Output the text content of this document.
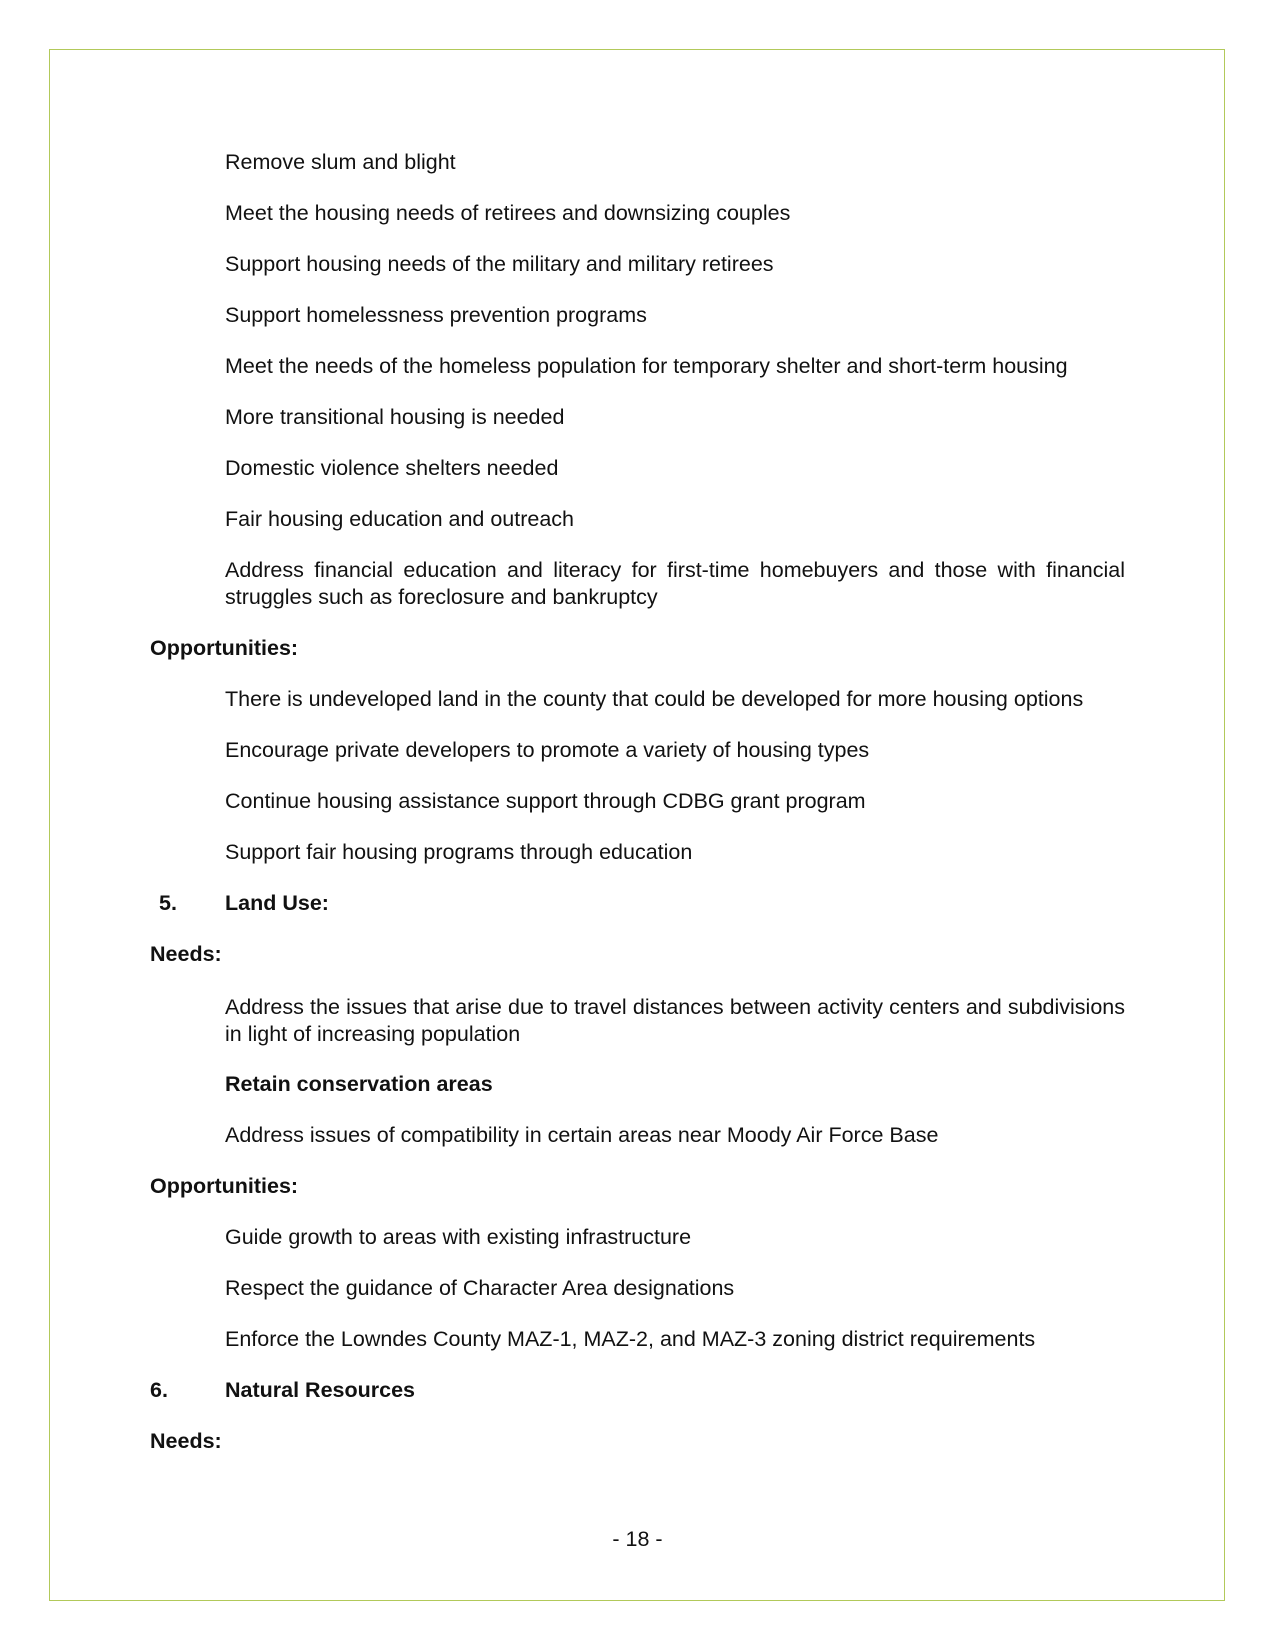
Remove slum and blight
Meet the housing needs of retirees and downsizing couples
Support housing needs of the military and military retirees
Support homelessness prevention programs
Meet the needs of the homeless population for temporary shelter and short-term housing
More transitional housing is needed
Domestic violence shelters needed
Fair housing education and outreach
Address financial education and literacy for first-time homebuyers and those with financial struggles such as foreclosure and bankruptcy
Opportunities:
There is undeveloped land in the county that could be developed for more housing options
Encourage private developers to promote a variety of housing types
Continue housing assistance support through CDBG grant program
Support fair housing programs through education
5. Land Use:
Needs:
Address the issues that arise due to travel distances between activity centers and subdivisions in light of increasing population
Retain conservation areas
Address issues of compatibility in certain areas near Moody Air Force Base
Opportunities:
Guide growth to areas with existing infrastructure
Respect the guidance of Character Area designations
Enforce the Lowndes County MAZ-1, MAZ-2, and MAZ-3 zoning district requirements
6.	Natural Resources
Needs:
- 18 -
